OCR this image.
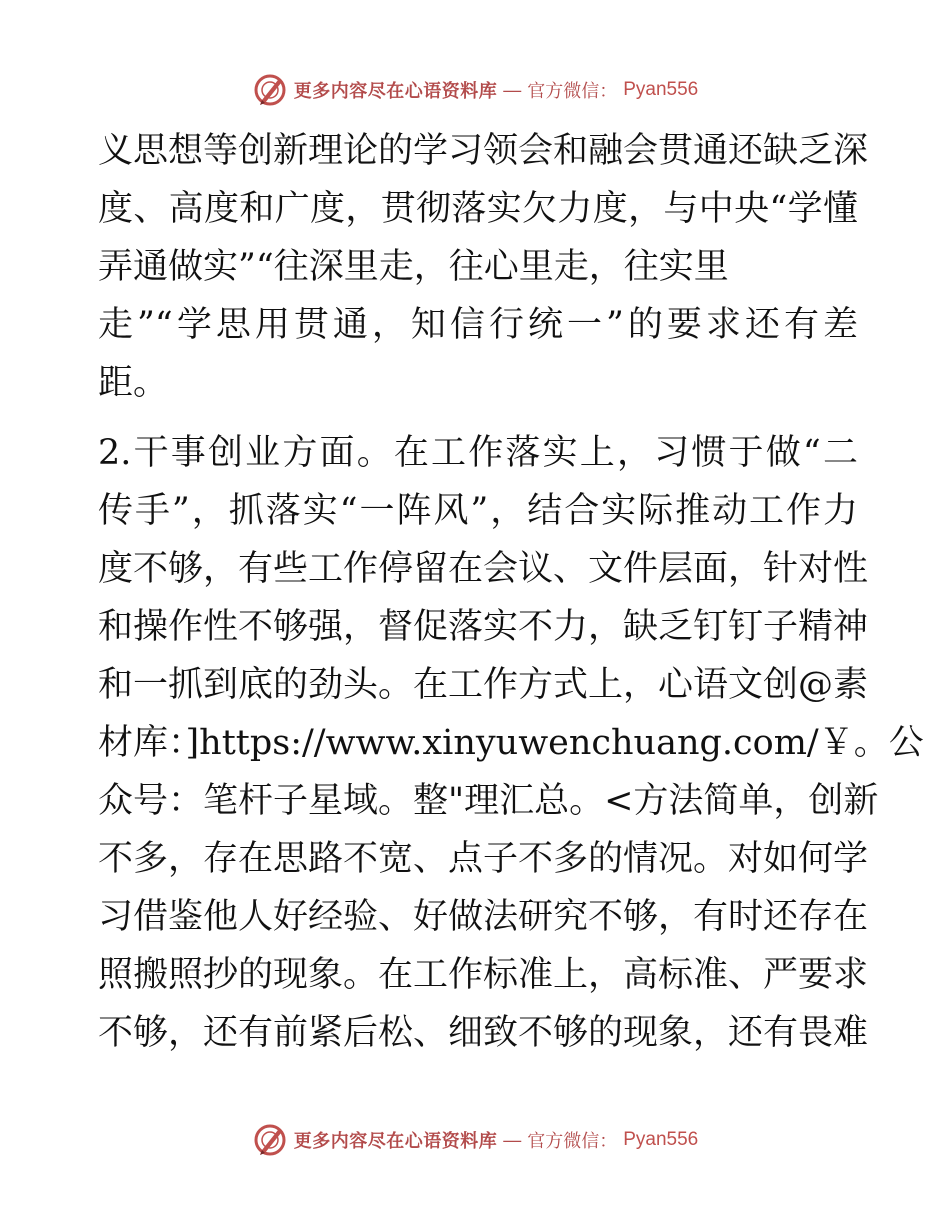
更多内容尽在心语资料库 — 官方微信： Pyan556
义思想等创新理论的学习领会和融会贯通还缺乏深
度、高度和广度，贯彻落实欠力度，与中央“学懂
弄通做实”“往深里走，往心里走，往实里
走”“学思用贯通，知信行统一”的要求还有差
距。
2.干事创业方面。在工作落实上，习惯于做“二
传手”，抓落实“一阵风”，结合实际推动工作力
度不够，有些工作停留在会议、文件层面，针对性
和操作性不够强，督促落实不力，缺乏钉钉子精神
和一抓到底的劲头。在工作方式上，心语文创@素
材库：]https://www.xinyuwenchuang.com/￥。公
众号：笔杆子星域。整"理汇总。<方法简单，创新
不多，存在思路不宽、点子不多的情况。对如何学
习借鉴他人好经验、好做法研究不够，有时还存在
照搬照抄的现象。在工作标准上，高标准、严要求
不够，还有前紧后松、细致不够的现象，还有畏难
更多内容尽在心语资料库 — 官方微信： Pyan556
